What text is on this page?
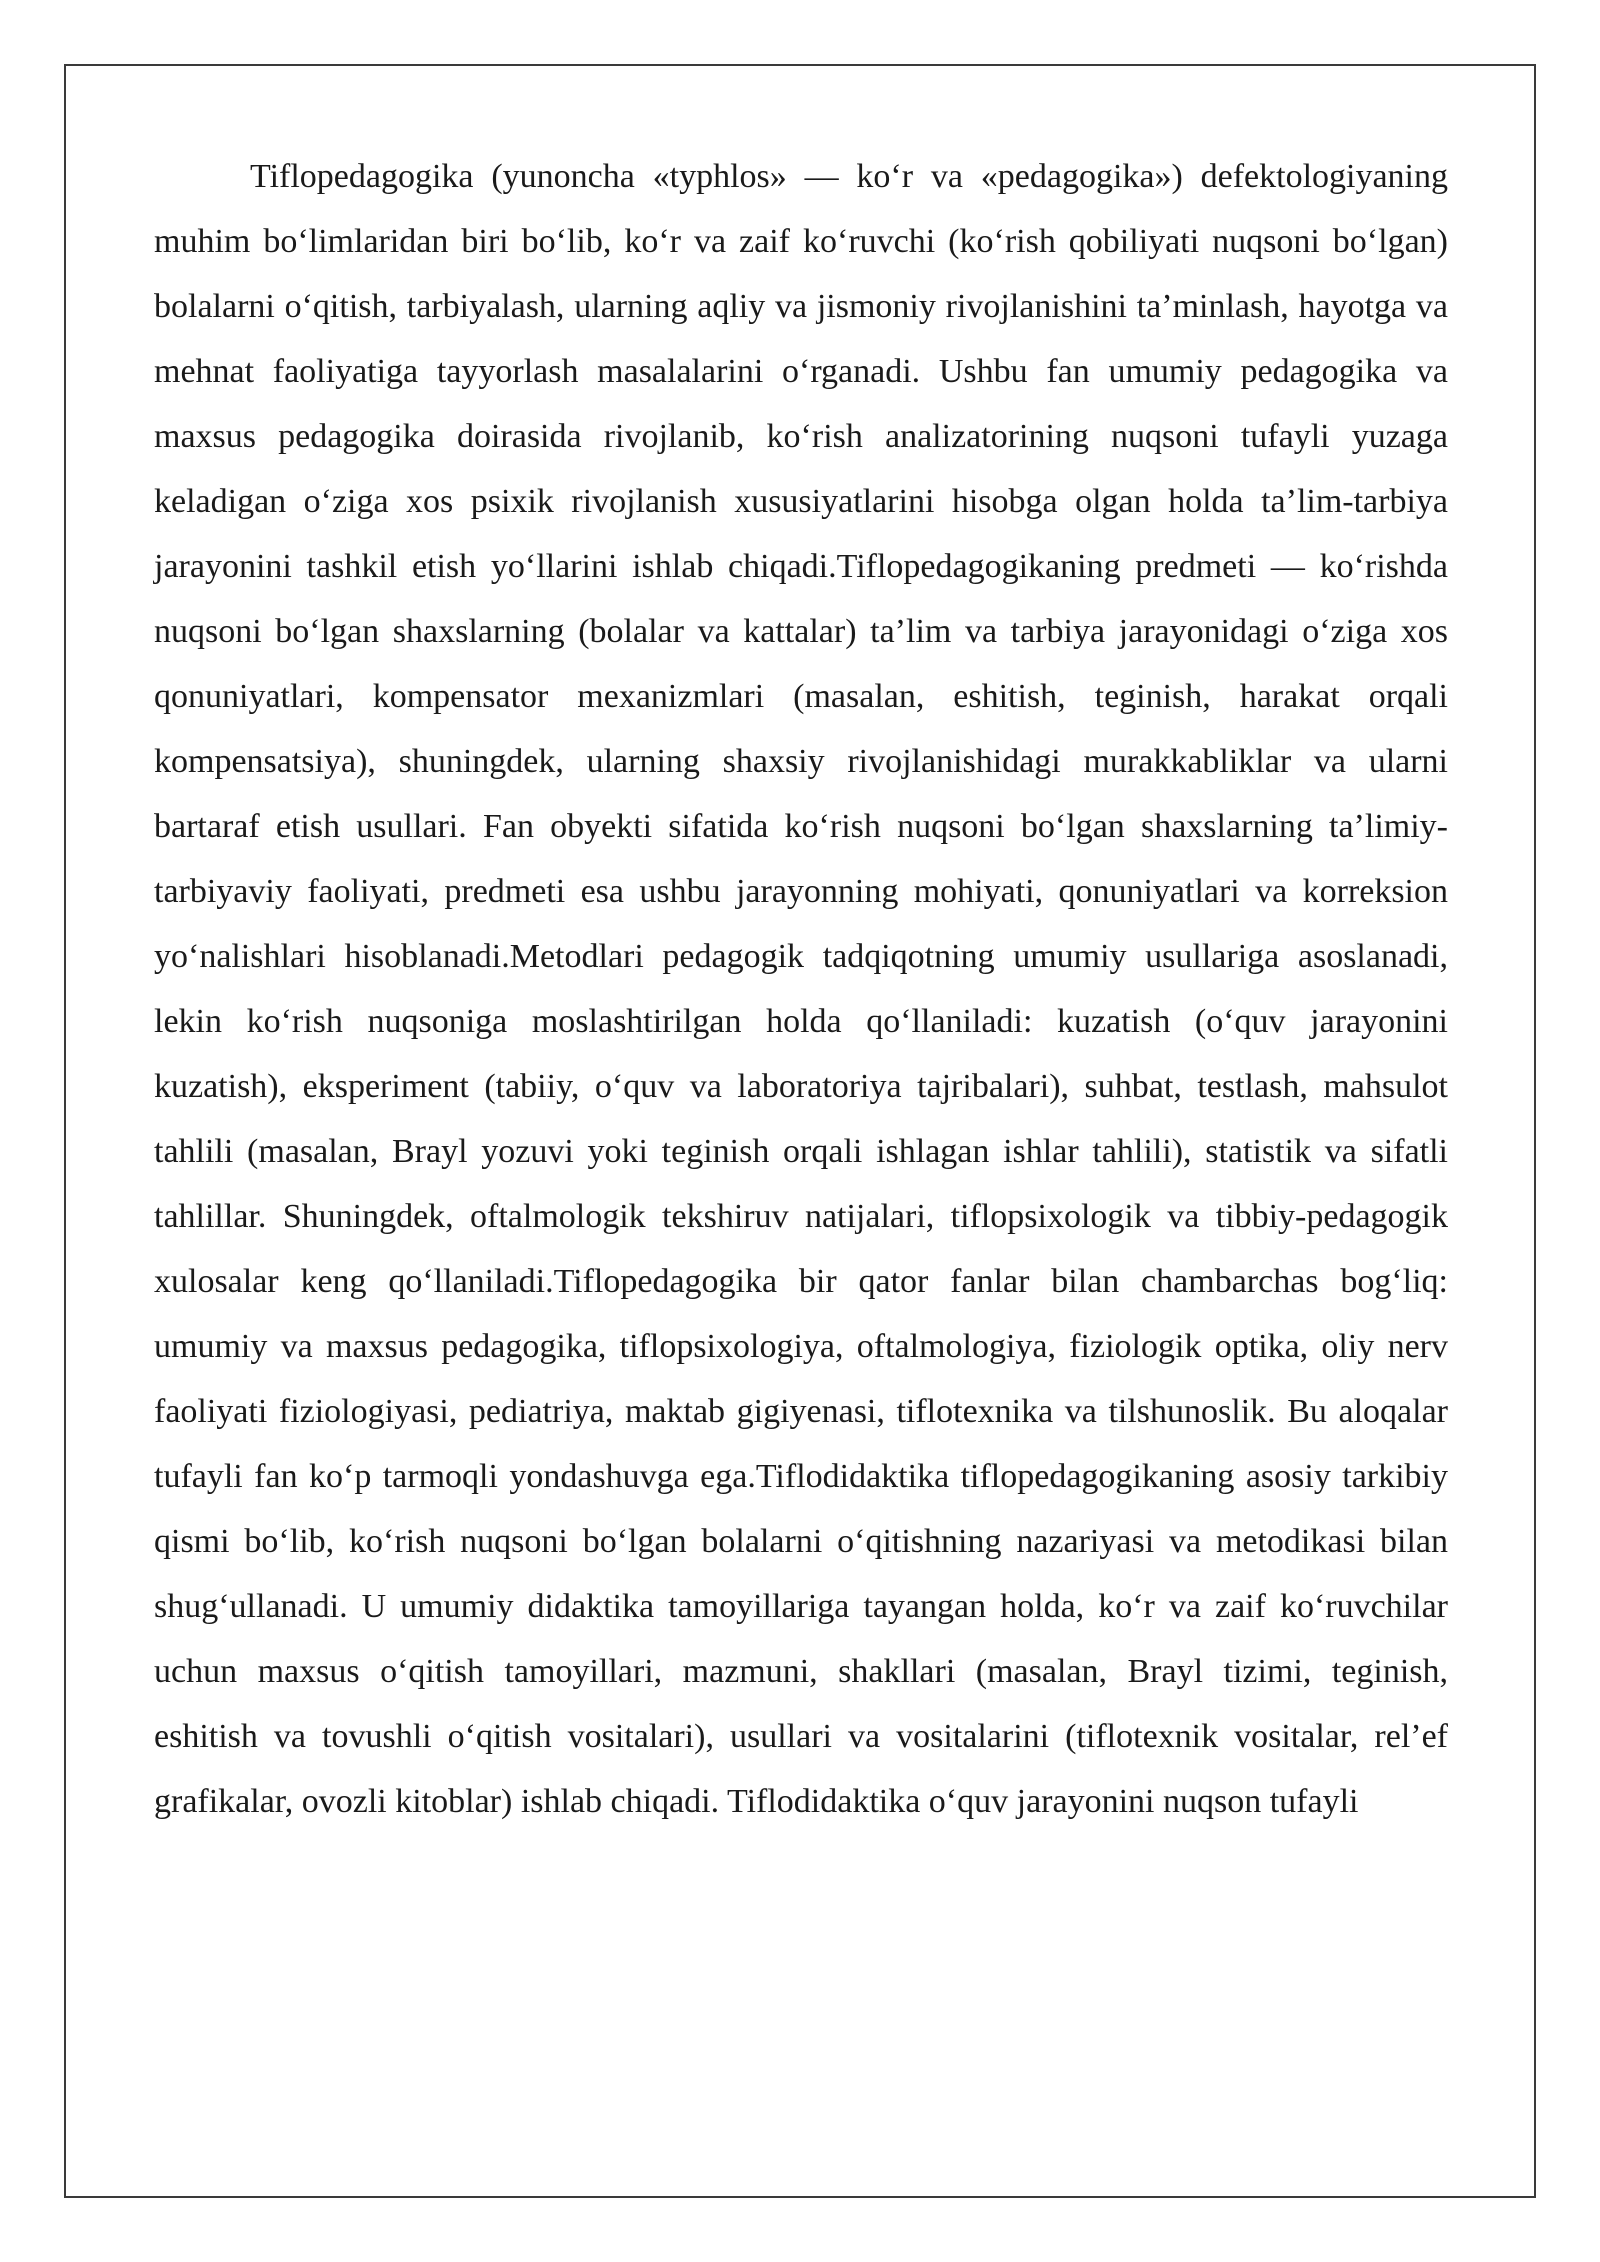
Tiflopedagogika (yunoncha «typhlos» — koʻr va «pedagogika») defektologiyaning muhim boʻlimlaridan biri boʻlib, koʻr va zaif koʻruvchi (koʻrish qobiliyati nuqsoni boʻlgan) bolalarni oʻqitish, tarbiyalash, ularning aqliy va jismoniy rivojlanishini ta’minlash, hayotga va mehnat faoliyatiga tayyorlash masalalarini oʻrganadi. Ushbu fan umumiy pedagogika va maxsus pedagogika doirasida rivojlanib, koʻrish analizatorining nuqsoni tufayli yuzaga keladigan oʻziga xos psixik rivojlanish xususiyatlarini hisobga olgan holda ta’lim-tarbiya jarayonini tashkil etish yoʻllarini ishlab chiqadi.Tiflopedagogikaning predmeti — koʻrishda nuqsoni boʻlgan shaxslarning (bolalar va kattalar) ta’lim va tarbiya jarayonidagi oʻziga xos qonuniyatlari, kompensator mexanizmlari (masalan, eshitish, teginish, harakat orqali kompensatsiya), shuningdek, ularning shaxsiy rivojlanishidagi murakkabliklar va ularni bartaraf etish usullari. Fan obyekti sifatida koʻrish nuqsoni boʻlgan shaxslarning ta’limiy-tarbiyaviy faoliyati, predmeti esa ushbu jarayonning mohiyati, qonuniyatlari va korreksion yoʻnalishlari hisoblanadi.Metodlari pedagogik tadqiqotning umumiy usullariga asoslanadi, lekin koʻrish nuqsoniga moslashtirilgan holda qoʻllaniladi: kuzatish (oʻquv jarayonini kuzatish), eksperiment (tabiiy, oʻquv va laboratoriya tajribalari), suhbat, testlash, mahsulot tahlili (masalan, Brayl yozuvi yoki teginish orqali ishlagan ishlar tahlili), statistik va sifatli tahlillar. Shuningdek, oftalmologik tekshiruv natijalari, tiflopsixologik va tibbiy-pedagogik xulosalar keng qoʻllaniladi.Tiflopedagogika bir qator fanlar bilan chambarchas bogʻliq: umumiy va maxsus pedagogika, tiflopsixologiya, oftalmologiya, fiziologik optika, oliy nerv faoliyati fiziologiyasi, pediatriya, maktab gigiyenasi, tiflotexnika va tilshunoslik. Bu aloqalar tufayli fan koʻp tarmoqli yondashuvga ega.Tiflodidaktika tiflopedagogikaning asosiy tarkibiy qismi boʻlib, koʻrish nuqsoni boʻlgan bolalarni oʻqitishning nazariyasi va metodikasi bilan shugʻullanadi. U umumiy didaktika tamoyillariga tayangan holda, koʻr va zaif koʻruvchilar uchun maxsus oʻqitish tamoyillari, mazmuni, shakllari (masalan, Brayl tizimi, teginish, eshitish va tovushli oʻqitish vositalari), usullari va vositalarini (tiflotexnik vositalar, rel’ef grafikalar, ovozli kitoblar) ishlab chiqadi. Tiflodidaktika oʻquv jarayonini nuqson tufayli
